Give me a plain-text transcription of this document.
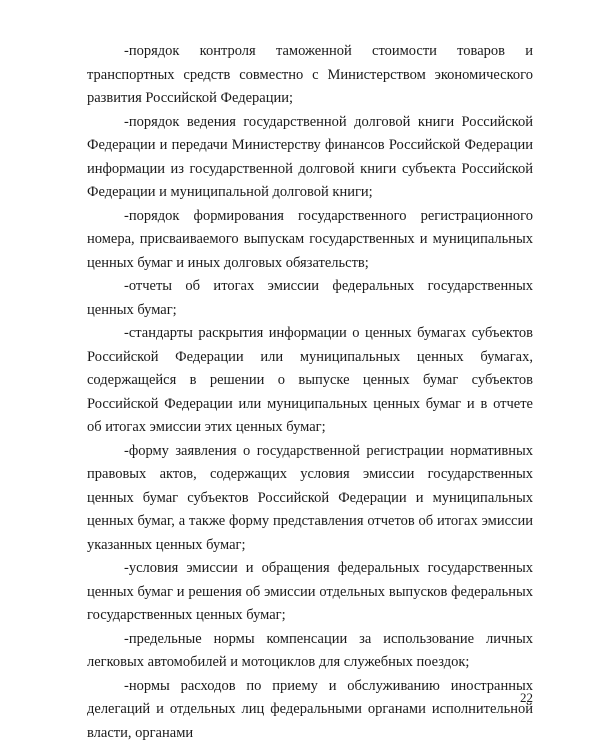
-порядок контроля таможенной стоимости товаров и транспортных средств совместно с Министерством экономического развития Российской Федерации;

-порядок ведения государственной долговой книги Российской Федерации и передачи Министерству финансов Российской Федерации информации из государственной долговой книги субъекта Российской Федерации и муниципальной долговой книги;

-порядок формирования государственного регистрационного номера, присваиваемого выпускам государственных и муниципальных ценных бумаг и иных долговых обязательств;

-отчеты об итогах эмиссии федеральных государственных ценных бумаг;

-стандарты раскрытия информации о ценных бумагах субъектов Российской Федерации или муниципальных ценных бумагах, содержащейся в решении о выпуске ценных бумаг субъектов Российской Федерации или муниципальных ценных бумаг и в отчете об итогах эмиссии этих ценных бумаг;

-форму заявления о государственной регистрации нормативных правовых актов, содержащих условия эмиссии государственных ценных бумаг субъектов Российской Федерации и муниципальных ценных бумаг, а также форму представления отчетов об итогах эмиссии указанных ценных бумаг;

-условия эмиссии и обращения федеральных государственных ценных бумаг и решения об эмиссии отдельных выпусков федеральных государственных ценных бумаг;

-предельные нормы компенсации за использование личных легковых автомобилей и мотоциклов для служебных поездок;

-нормы расходов по приему и обслуживанию иностранных делегаций и отдельных лиц федеральными органами исполнительной власти, органами

22
